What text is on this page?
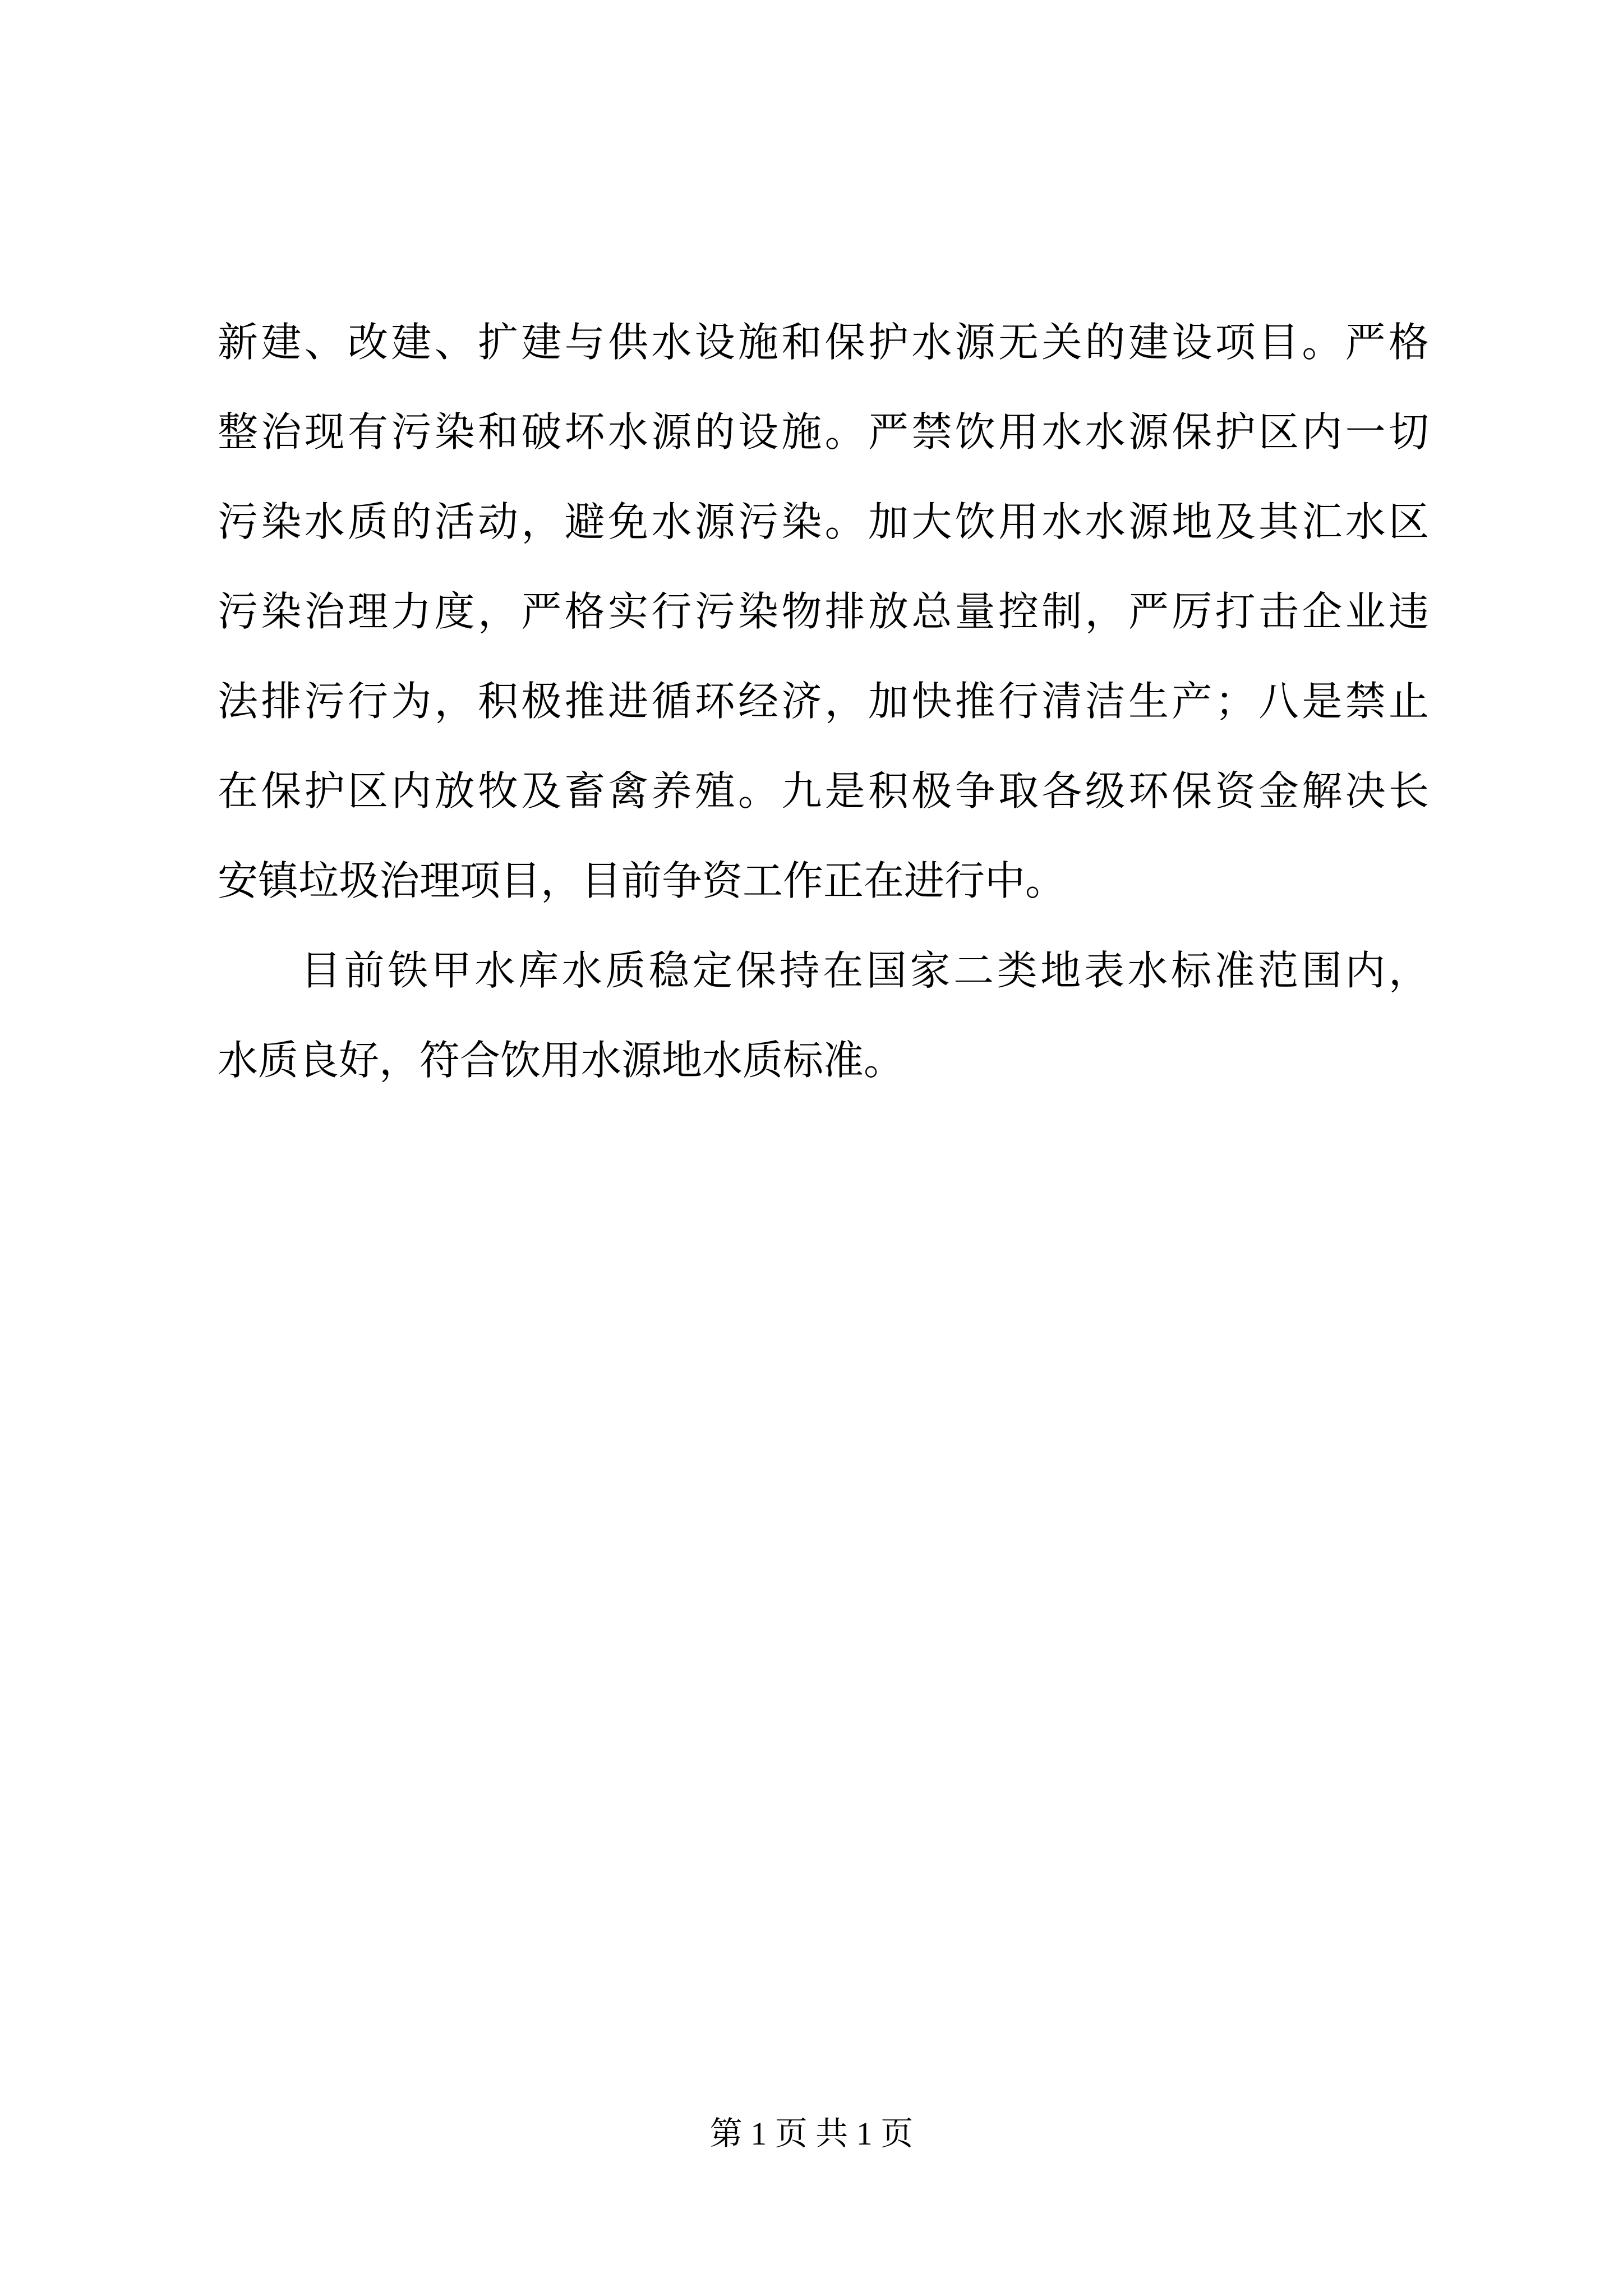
新建、改建、扩建与供水设施和保护水源无关的建设项目。严格
整治现有污染和破坏水源的设施。严禁饮用水水源保护区内一切
污染水质的活动，避免水源污染。加大饮用水水源地及其汇水区
污染治理力度，严格实行污染物排放总量控制，严厉打击企业违
法排污行为，积极推进循环经济，加快推行清洁生产；八是禁止
在保护区内放牧及畜禽养殖。九是积极争取各级环保资金解决长
安镇垃圾治理项目，目前争资工作正在进行中。
目前铁甲水库水质稳定保持在国家二类地表水标准范围内，
水质良好，符合饮用水源地水质标准。
第 1 页 共 1 页
